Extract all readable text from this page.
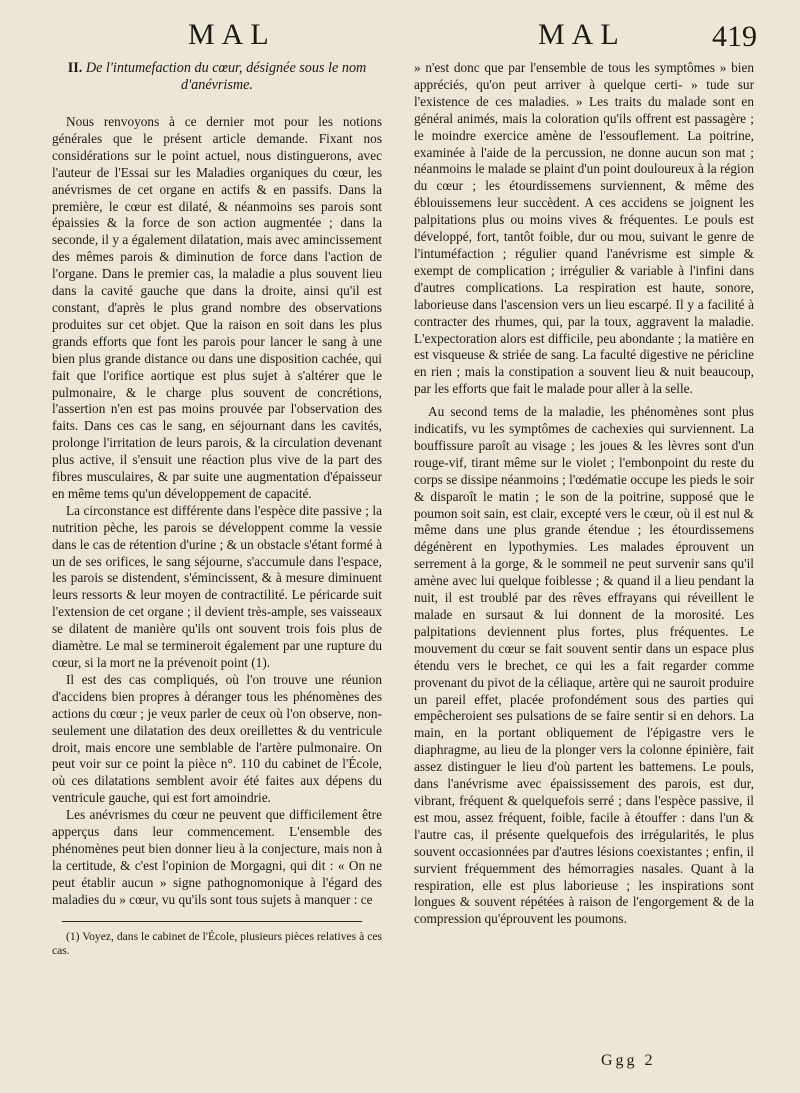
MAL	MAL	419
II. De l'intumefaction du cœur, désignée sous le nom d'anévrisme.

Nous renvoyons à ce dernier mot pour les notions générales que le présent article demande. Fixant nos considérations sur le point actuel, nous distinguerons, avec l'auteur de l'Essai sur les Maladies organiques du cœur, les anévrismes de cet organe en actifs & en passifs. Dans la première, le cœur est dilaté, & néanmoins ses parois sont épaissies & la force de son action augmentée ; dans la seconde, il y a également dilatation, mais avec amincissement des mêmes parois & diminution de force dans l'action de l'organe. Dans le premier cas, la maladie a plus souvent lieu dans la cavité gauche que dans la droite, ainsi qu'il est constant, d'après le plus grand nombre des observations produites sur cet objet. Que la raison en soit dans les plus grands efforts que font les parois pour lancer le sang à une bien plus grande distance ou dans une disposition cachée, qui fait que l'orifice aortique est plus sujet à s'altérer que le pulmonaire, & le charge plus souvent de concrétions, l'assertion n'en est pas moins prouvée par l'observation des faits. Dans ces cas le sang, en séjournant dans les cavités, prolonge l'irritation de leurs parois, & la circulation devenant plus active, il s'ensuit une réaction plus vive de la part des fibres musculaires, & par suite une augmentation d'épaisseur en même tems qu'un développement de capacité.

La circonstance est différente dans l'espèce dite passive ; la nutrition pèche, les parois se développent comme la vessie dans le cas de rétention d'urine ; & un obstacle s'étant formé à un de ses orifices, le sang séjourne, s'accumule dans l'espace, les parois se distendent, s'émincissent, & à mesure diminuent leurs ressorts & leur moyen de contractilité. Le péricarde suit l'extension de cet organe ; il devient très-ample, ses vaisseaux se dilatent de manière qu'ils ont souvent trois fois plus de diamètre. Le mal se termineroit également par une rupture du cœur, si la mort ne la prévenoit point (1).

Il est des cas compliqués, où l'on trouve une réunion d'accidens bien propres à déranger tous les phénomènes des actions du cœur ; je veux parler de ceux où l'on observe, non-seulement une dilatation des deux oreillettes & du ventricule droit, mais encore une semblable de l'artère pulmonaire. On peut voir sur ce point la pièce n°. 110 du cabinet de l'École, où ces dilatations semblent avoir été faites aux dépens du ventricule gauche, qui est fort amoindrie.

Les anévrismes du cœur ne peuvent que difficilement être apperçus dans leur commencement. L'ensemble des phénomènes peut bien donner lieu à la conjecture, mais non à la certitude, & c'est l'opinion de Morgagni, qui dit : « On ne peut établir aucun » signe pathognomonique à l'égard des maladies du » cœur, vu qu'ils sont tous sujets à manquer : ce

(1) Voyez, dans le cabinet de l'École, plusieurs pièces relatives à ces cas.

» n'est donc que par l'ensemble de tous les symptômes » bien appréciés, qu'on peut arriver à quelque certi- » tude sur l'existence de ces maladies. » Les traits du malade sont en général animés, mais la coloration qu'ils offrent est passagère ; le moindre exercice amène de l'essouflement. La poitrine, examinée à l'aide de la percussion, ne donne aucun son mat ; néanmoins le malade se plaint d'un point douloureux à la région du cœur ; les étourdissemens surviennent, & même des éblouissemens leur succèdent. A ces accidens se joignent les palpitations plus ou moins vives & fréquentes. Le pouls est développé, fort, tantôt foible, dur ou mou, suivant le genre de l'intuméfaction ; régulier quand l'anévrisme est simple & exempt de complication ; irrégulier & variable à l'infini dans d'autres complications. La respiration est haute, sonore, laborieuse dans l'ascension vers un lieu escarpé. Il y a facilité à contracter des rhumes, qui, par la toux, aggravent la maladie. L'expectoration alors est difficile, peu abondante ; la matière en est visqueuse & striée de sang. La faculté digestive ne péricline en rien ; mais la constipation a souvent lieu & nuit beaucoup, par les efforts que fait le malade pour aller à la selle.

Au second tems de la maladie, les phénomènes sont plus indicatifs, vu les symptômes de cachexies qui surviennent. La bouffissure paroît au visage ; les joues & les lèvres sont d'un rouge-vif, tirant même sur le violet ; l'embonpoint du reste du corps se dissipe néanmoins ; l'œdématie occupe les pieds le soir & disparoît le matin ; le son de la poitrine, supposé que le poumon soit sain, est clair, excepté vers le cœur, où il est nul & même dans une plus grande étendue ; les étourdissemens dégénèrent en lypothymies. Les malades éprouvent un serrement à la gorge, & le sommeil ne peut survenir sans qu'il amène avec lui quelque foiblesse ; & quand il a lieu pendant la nuit, il est troublé par des rêves effrayans qui réveillent le malade en sursaut & lui donnent de la morosité. Les palpitations deviennent plus fortes, plus fréquentes. Le mouvement du cœur se fait souvent sentir dans un espace plus étendu vers le brechet, ce qui les a fait regarder comme provenant du pivot de la céliaque, artère qui ne sauroit produire un pareil effet, placée profondément sous des parties qui empêcheroient ses pulsations de se faire sentir si en dehors. La main, en la portant obliquement de l'épigastre vers le diaphragme, au lieu de la plonger vers la colonne épinière, fait assez distinguer le lieu d'où partent les battemens. Le pouls, dans l'anévrisme avec épaississement des parois, est dur, vibrant, fréquent & quelquefois serré ; dans l'espèce passive, il est mou, assez fréquent, foible, facile à étouffer : dans l'un & l'autre cas, il présente quelquefois des irrégularités, le plus souvent occasionnées par d'autres lésions coexistantes ; enfin, il survient fréquemment des hémorragies nasales. Quant à la respiration, elle est plus laborieuse ; les inspirations sont longues & souvent répétées à raison de l'engorgement & de la compression qu'éprouvent les poumons.

Ggg 2
